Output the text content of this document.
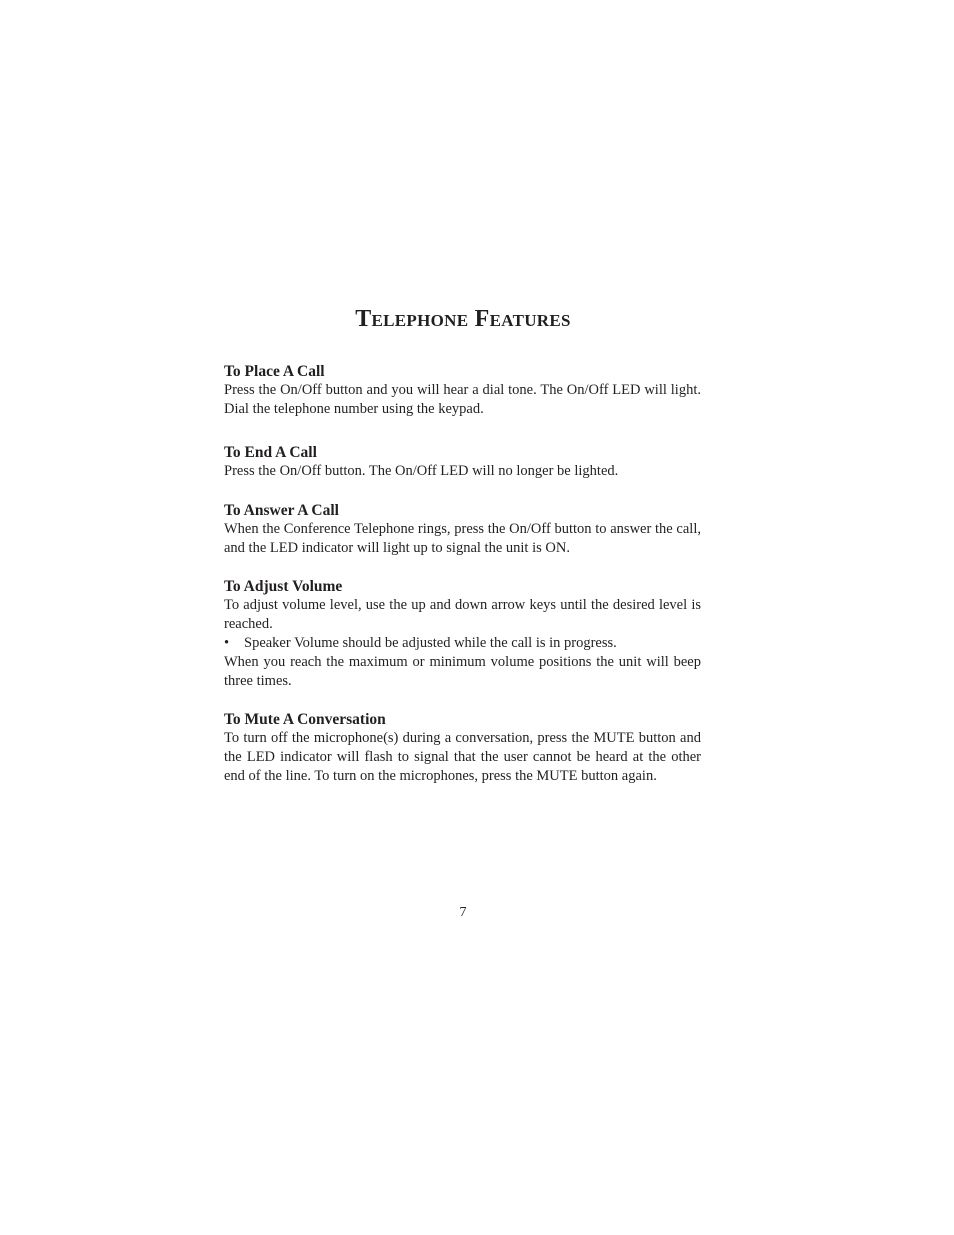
Telephone Features

To Place A Call

Press the On/Off button and you will hear a dial tone. The On/Off LED will light. Dial the telephone number using the keypad.

To End A Call

Press the On/Off button. The On/Off LED will no longer be lighted.

To Answer A Call

When the Conference Telephone rings, press the On/Off button to answer the call, and the LED indicator will light up to signal the unit is ON.

To Adjust Volume

To adjust volume level, use the up and down arrow keys until the desired level is reached.

•	Speaker Volume should be adjusted while the call is in progress.

When you reach the maximum or minimum volume positions the unit will beep three times.

To Mute A Conversation

To turn off the microphone(s) during a conversation, press the MUTE button and the LED indicator will flash to signal that the user cannot be heard at the other end of the line. To turn on the microphones, press the MUTE button again.

7
